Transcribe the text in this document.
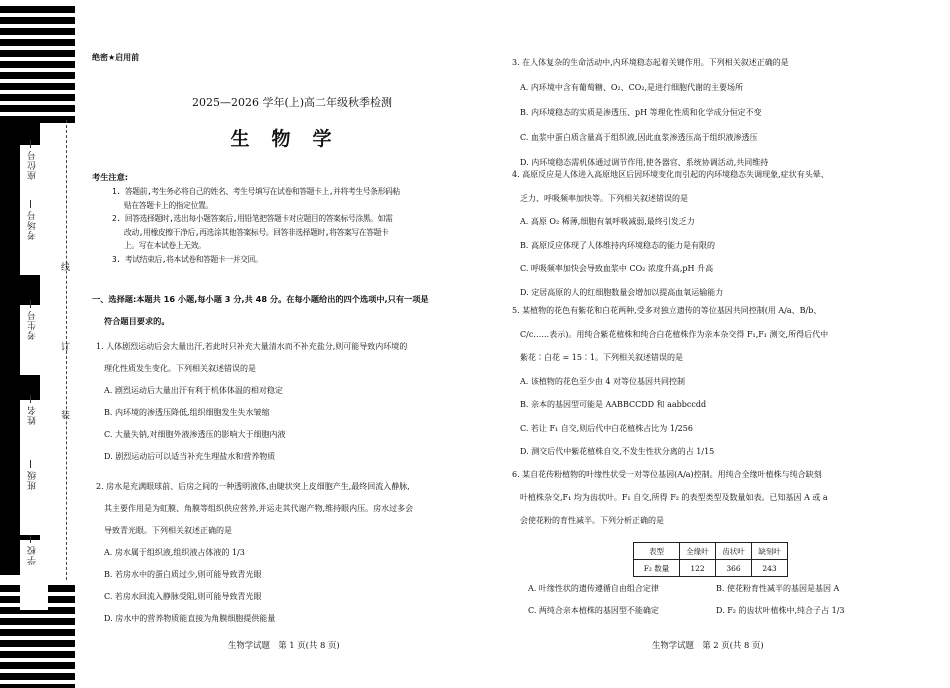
座位号
考场号
考生号
姓名
班级
学校
线
订
装
绝密★启用前
2025—2026 学年(上)高二年级秋季检测
生物学
考生注意:
1. 答题前,考生务必将自己的姓名、考生号填写在试卷和答题卡上,并将考生号条形码粘
贴在答题卡上的指定位置。
2. 回答选择题时,选出每小题答案后,用铅笔把答题卡对应题目的答案标号涂黑。如需
改动,用橡皮擦干净后,再选涂其他答案标号。回答非选择题时,将答案写在答题卡
上。写在本试卷上无效。
3. 考试结束后,将本试卷和答题卡一并交回。
一、选择题:本题共 16 小题,每小题 3 分,共 48 分。在每小题给出的四个选项中,只有一项是
符合题目要求的。
1. 人体剧烈运动后会大量出汗,若此时只补充大量清水而不补充盐分,则可能导致内环境的
理化性质发生变化。下列相关叙述错误的是
A. 剧烈运动后大量出汗有利于机体体温的相对稳定
B. 内环境的渗透压降低,组织细胞发生失水皱缩
C. 大量失钠,对细胞外液渗透压的影响大于细胞内液
D. 剧烈运动后可以适当补充生理盐水和营养物质
2. 房水是充满眼球前、后房之间的一种透明液体,由睫状突上皮细胞产生,最终回流入静脉,
其主要作用是为虹膜、角膜等组织供应营养,并运走其代谢产物,维持眼内压。房水过多会
导致青光眼。下列相关叙述正确的是
A. 房水属于组织液,组织液占体液的 1/3
B. 若房水中的蛋白质过少,则可能导致青光眼
C. 若房水回流入静脉受阻,则可能导致青光眼
D. 房水中的营养物质能直接为角膜细胞提供能量
3. 在人体复杂的生命活动中,内环境稳态起着关键作用。下列相关叙述正确的是
A. 内环境中含有葡萄糖、O₂、CO₂,是进行细胞代谢的主要场所
B. 内环境稳态的实质是渗透压、pH 等理化性质和化学成分恒定不变
C. 血浆中蛋白质含量高于组织液,因此血浆渗透压高于组织液渗透压
D. 内环境稳态需机体通过调节作用,使各器官、系统协调活动,共同维持
4. 高原反应是人体进入高原地区后因环境变化而引起的内环境稳态失调现象,症状有头晕、
乏力、呼吸频率加快等。下列相关叙述错误的是
A. 高原 O₂ 稀薄,细胞有氧呼吸减弱,最终引发乏力
B. 高原反应体现了人体维持内环境稳态的能力是有限的
C. 呼吸频率加快会导致血浆中 CO₂ 浓度升高,pH 升高
D. 定居高原的人的红细胞数量会增加以提高血氧运输能力
5. 某植物的花色有紫花和白花两种,受多对独立遗传的等位基因共同控制(用 A/a、B/b、
C/c……表示)。用纯合紫花植株和纯合白花植株作为亲本杂交得 F₁,F₁ 测交,所得后代中
紫花∶白花 = 15∶1。下列相关叙述错误的是
A. 该植物的花色至少由 4 对等位基因共同控制
B. 亲本的基因型可能是 AABBCCDD 和 aabbccdd
C. 若让 F₁ 自交,则后代中白花植株占比为 1/256
D. 测交后代中紫花植株自交,不发生性状分离的占 1/15
6. 某自花传粉植物的叶缘性状受一对等位基因(A/a)控制。用纯合全缘叶植株与纯合缺刻
叶植株杂交,F₁ 均为齿状叶。F₁ 自交,所得 F₂ 的表型类型及数量如表。已知基因 A 或 a
会使花粉的育性减半。下列分析正确的是
A. 叶缘性状的遗传遵循自由组合定律	B. 使花粉育性减半的基因是基因 A
C. 两纯合亲本植株的基因型不能确定	D. F₂ 的齿状叶植株中,纯合子占 1/3
表型	全缘叶	齿状叶	缺刻叶
F₂ 数量	122	366	243
生物学试题　第 1 页(共 8 页)	生物学试题　第 2 页(共 8 页)
